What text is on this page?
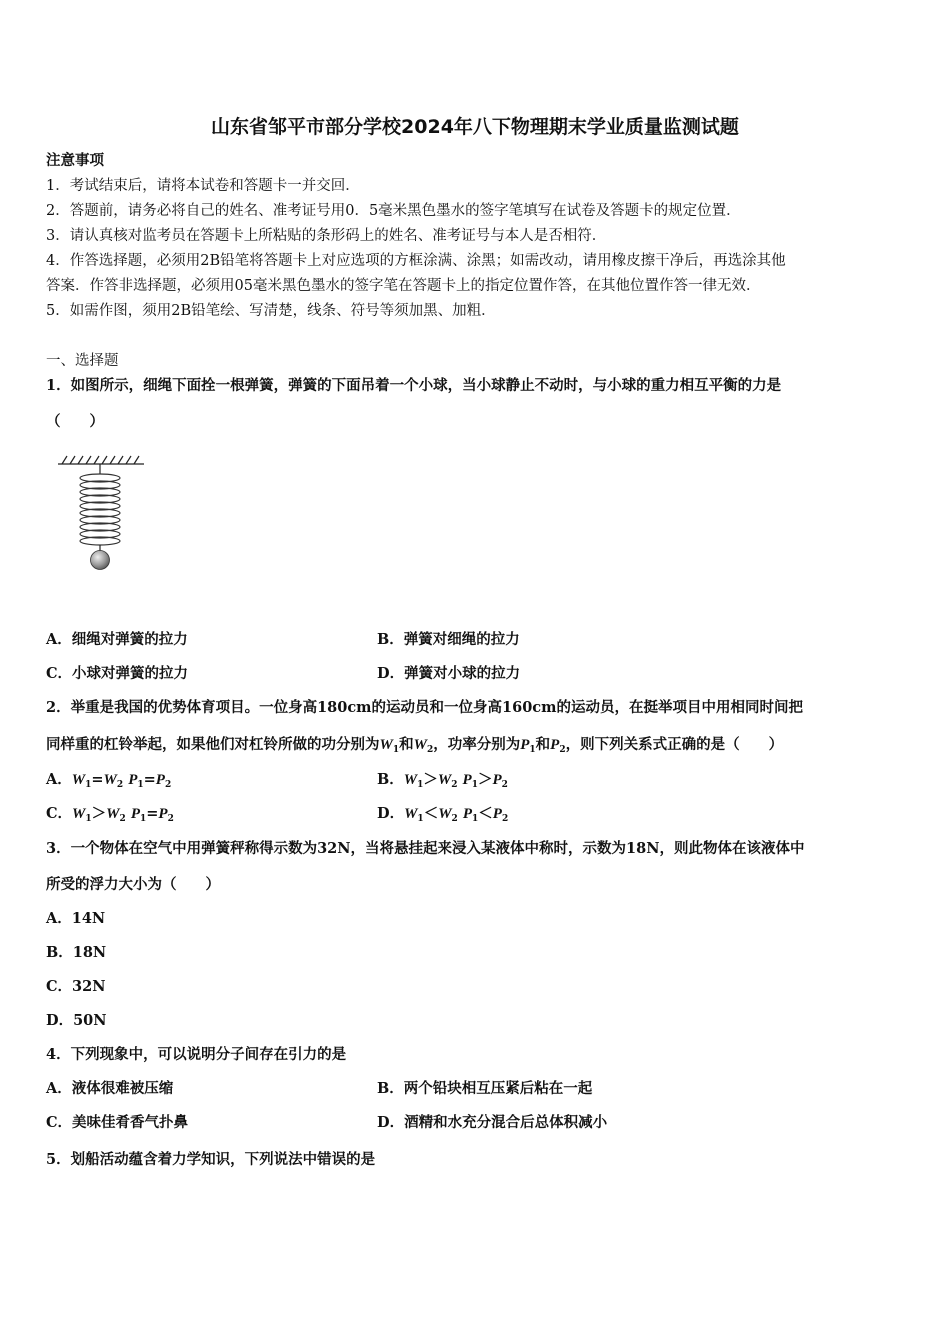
山东省邹平市部分学校2024年八下物理期末学业质量监测试题
注意事项
1．考试结束后，请将本试卷和答题卡一并交回．
2．答题前，请务必将自己的姓名、准考证号用0．5毫米黑色墨水的签字笔填写在试卷及答题卡的规定位置．
3．请认真核对监考员在答题卡上所粘贴的条形码上的姓名、准考证号与本人是否相符．
4．作答选择题，必须用2B铅笔将答题卡上对应选项的方框涂满、涂黑；如需改动，请用橡皮擦干净后，再选涂其他
答案．作答非选择题，必须用05毫米黑色墨水的签字笔在答题卡上的指定位置作答，在其他位置作答一律无效．
5．如需作图，须用2B铅笔绘、写清楚，线条、符号等须加黑、加粗．
一、选择题
1．如图所示，细绳下面拴一根弹簧，弹簧的下面吊着一个小球，当小球静止不动时，与小球的重力相互平衡的力是
（　　）
A．细绳对弹簧的拉力	B．弹簧对细绳的拉力
C．小球对弹簧的拉力	D．弹簧对小球的拉力
2．举重是我国的优势体育项目。一位身高180cm的运动员和一位身高160cm的运动员，在挺举项目中用相同时间把
同样重的杠铃举起，如果他们对杠铃所做的功分别为$W_1$和$W_2$，功率分别为$P_1$和$P_2$，则下列关系式正确的是（　　）
A．$W_1=W_2$ $P_1=P_2$	B．$W_1>W_2$ $P_1>P_2$
C．$W_1>W_2$ $P_1=P_2$	D．$W_1<W_2$ $P_1<P_2$
3．一个物体在空气中用弹簧秤称得示数为32N，当将悬挂起来浸入某液体中称时，示数为18N，则此物体在该液体中
所受的浮力大小为（　　）
A．14N
B．18N
C．32N
D．50N
4．下列现象中，可以说明分子间存在引力的是
A．液体很难被压缩	B．两个铅块相互压紧后粘在一起
C．美味佳肴香气扑鼻	D．酒精和水充分混合后总体积减小
5．划船活动蕴含着力学知识，下列说法中错误的是
